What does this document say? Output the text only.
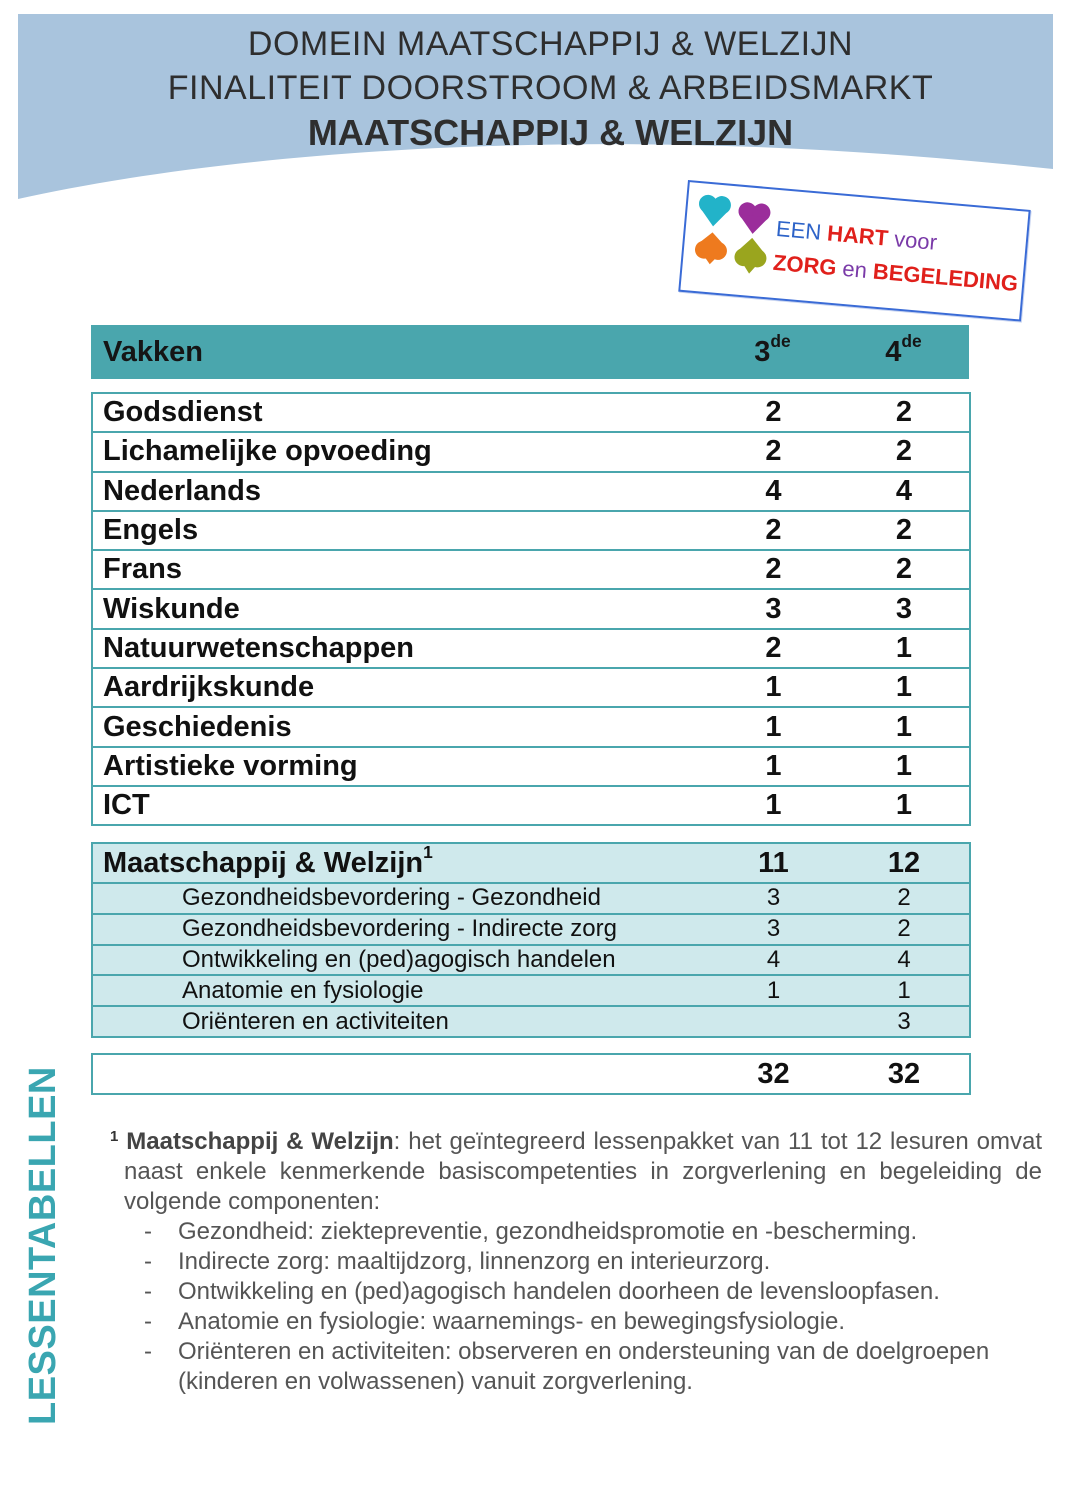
DOMEIN MAATSCHAPPIJ & WELZIJN
FINALITEIT DOORSTROOM & ARBEIDSMARKT
MAATSCHAPPIJ & WELZIJN
EEN HART voor
ZORG en BEGELEDING
Vakken	3de	4de
Godsdienst	2	2
Lichamelijke opvoeding	2	2
Nederlands	4	4
Engels	2	2
Frans	2	2
Wiskunde	3	3
Natuurwetenschappen	2	1
Aardrijkskunde	1	1
Geschiedenis	1	1
Artistieke vorming	1	1
ICT	1	1
Maatschappij & Welzijn$^1$	11	12
Gezondheidsbevordering - Gezondheid	3	2
Gezondheidsbevordering - Indirecte zorg	3	2
Ontwikkeling en (ped)agogisch handelen	4	4
Anatomie en fysiologie	1	1
Oriënteren en activiteiten		3
	32	32

$^1$ Maatschappij & Welzijn: het geïntegreerd lessenpakket van 11 tot 12 lesuren omvat naast enkele kenmerkende basiscompetenties in zorgverlening en begeleiding de volgende componenten:

- Gezondheid: ziektepreventie, gezondheidspromotie en -bescherming.
- Indirecte zorg: maaltijdzorg, linnenzorg en interieurzorg.
- Ontwikkeling en (ped)agogisch handelen doorheen de levensloopfasen.
- Anatomie en fysiologie: waarnemings- en bewegingsfysiologie.
- Oriënteren en activiteiten: observeren en ondersteuning van de doelgroepen (kinderen en volwassenen) vanuit zorgverlening.
LESSENTABELLEN
